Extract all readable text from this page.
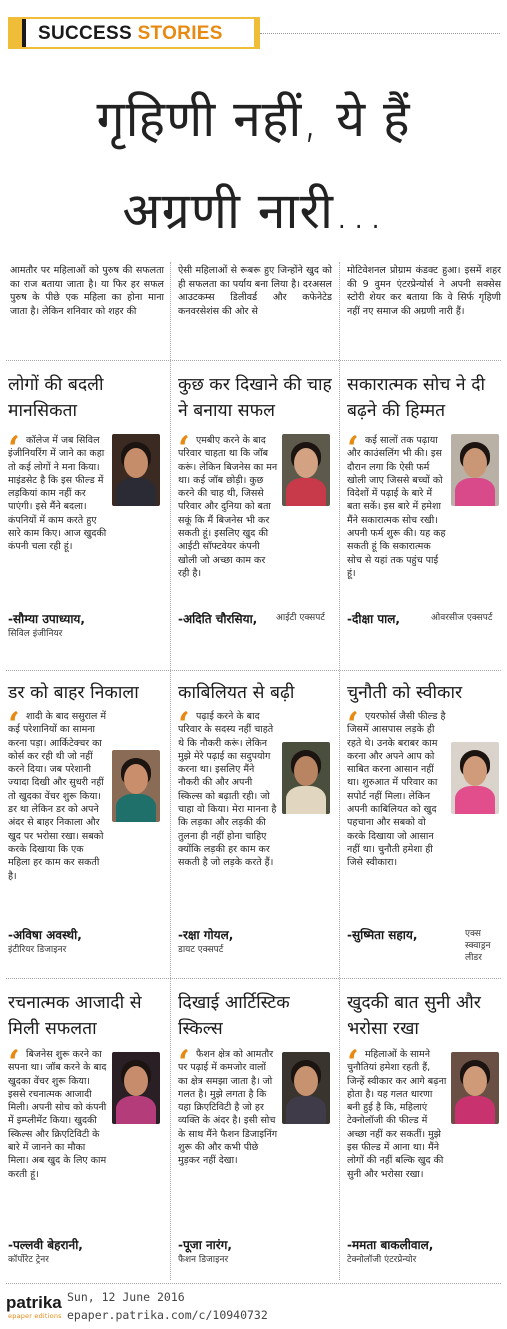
SUCCESS STORIES
गृहिणी नहीं, ये हैं
अग्रणी नारी...
आमतौर पर महिलाओं को पुरुष की सफलता का राज बताया जाता है। या फिर हर सफल पुरुष के पीछे एक महिला का होना माना जाता है। लेकिन शनिवार को शहर की
ऐसी महिलाओं से रूबरू हुए जिन्होंने खुद को ही सफलता का पर्याय बना लिया है। दरअसल आउटकम्स डिलीवर्ड और कफेनेटेड कनवरसेशंस की ओर से
मोटिवेशनल प्रोग्राम कंडक्ट हुआ। इसमें शहर की 9 वुमन एंटरप्रेन्योर्स ने अपनी सक्सेस स्टोरी शेयर कर बताया कि वे सिर्फ गृहिणी नहीं नए समाज की अग्रणी नारी हैं।
लोगों की बदली मानसिकता
‘ कॉलेज में जब सिविल इंजीनियरिंग में जाने का कहा तो कई लोगों ने मना किया। माइंडसेट है कि इस फील्ड में लड़कियां काम नहीं कर पाएंगी। इसे मैंने बदला। कंपनियों में काम करते हुए सारे काम किए। आज खुदकी कंपनी चला रही हूं।
-सौम्या उपाध्याय,
सिविल इंजीनियर
कुछ कर दिखाने की चाह ने बनाया सफल
‘ एमबीए करने के बाद परिवार चाहता था कि जॉब करूं। लेकिन बिजनेस का मन था। कई जॉब छोड़ी। कुछ करने की चाह थी, जिससे परिवार और दुनिया को बता सकूं कि मैं बिजनेस भी कर सकती हूं। इसलिए खुद की आईटी सॉफ्टवेयर कंपनी खोली जो अच्छा काम कर रही है।
-अदिति चौरसिया,	आईटी एक्सपर्ट
सकारात्मक सोच ने दी बढ़ने की हिम्मत
‘ कई सालों तक पढ़ाया और काउंसलिंग भी की। इस दौरान लगा कि ऐसी फर्म खोली जाए जिससे बच्चों को विदेशों में पढ़ाई के बारे में बता सकें। इस बारे में हमेशा मैंने सकारात्मक सोच रखी। अपनी फर्म शुरू की। यह कह सकती हूं कि सकारात्मक सोच से यहां तक पहुंच पाई हूं।
-दीक्षा पाल,	ओवरसीज एक्सपर्ट
डर को बाहर निकाला
‘ शादी के बाद ससुराल में कई परेशानियों का सामना करना पड़ा। आर्किटेक्चर का कोर्स कर रही थी जो नहीं करने दिया। जब परेशानी ज्यादा दिखी और सुधरी नहीं तो खुदका वेंचर शुरू किया। डर था लेकिन डर को अपने अंदर से बाहर निकाला और खुद पर भरोसा रखा। सबको करके दिखाया कि एक महिला हर काम कर सकती है।
-अविषा अवस्थी,
इंटीरियर डिजाइनर
काबिलियत से बढ़ी
‘ पढ़ाई करने के बाद परिवार के सदस्य नहीं चाहते थे कि नौकरी करूं। लेकिन मुझे मेरे पढ़ाई का सदुपयोग करना था। इसलिए मैंने नौकरी की और अपनी स्किल्स को बढ़ाती रही। जो चाहा वो किया। मेरा मानना है कि लड़का और लड़की की तुलना ही नहीं होना चाहिए क्योंकि लड़की हर काम कर सकती है जो लड़के करते हैं।
-रक्षा गोयल,
डायट एक्सपर्ट
चुनौती को स्वीकार
‘ एयरफोर्स जैसी फील्ड है जिसमें आसपास लड़के ही रहते थे। उनके बराबर काम करना और अपने आप को साबित करना आसान नहीं था। शुरुआत में परिवार का सपोर्ट नहीं मिला। लेकिन अपनी काबिलियत को खुद पहचाना और सबको वो करके दिखाया जो आसान नहीं था। चुनौती हमेशा ही जिसे स्वीकारा।
-सुष्मिता सहाय,	एक्स स्क्वाड्रन लीडर
रचनात्मक आजादी से मिली सफलता
‘ बिजनेस शुरू करने का सपना था। जॉब करने के बाद खुदका वेंचर शुरू किया। इससे रचनात्मक आजादी मिली। अपनी सोच को कंपनी में इम्प्लीमेंट किया। खुदकी स्किल्स और क्रिएटिविटी के बारे में जानने का मौका मिला। अब खुद के लिए काम करती हूं।
-पल्लवी बेहरानी,
कॉर्पोरेट ट्रेनर
दिखाई आर्टिस्टिक स्किल्स
‘ फैशन क्षेत्र को आमतौर पर पढ़ाई में कमजोर वालों का क्षेत्र समझा जाता है। जो गलत है। मुझे लगता है कि यहा क्रिएटिविटी है जो हर व्यक्ति के अंदर है। इसी सोच के साथ मैंने फैशन डिजाइनिंग शुरू की और कभी पीछे मुड़कर नहीं देखा।
-पूजा नारंग,
फैशन डिजाइनर
खुदकी बात सुनी और भरोसा रखा
‘ महिलाओं के सामने चुनौतियां हमेशा रहती हैं, जिन्हें स्वीकार कर आगे बढ़ना होता है। यह गलत धारणा बनी हुई है कि, महिलाएं टेक्नोलॉजी की फील्ड में अच्छा नहीं कर सकतीं। मुझे इस फील्ड में आना था। मैंने लोगों की नहीं बल्कि खुद की सुनी और भरोसा रखा।
-ममता बाकलीवाल,
टेक्नोलॉजी एंटरप्रेन्योर
patrika
epaper editions
Sun, 12 June 2016
epaper.patrika.com/c/10940732
